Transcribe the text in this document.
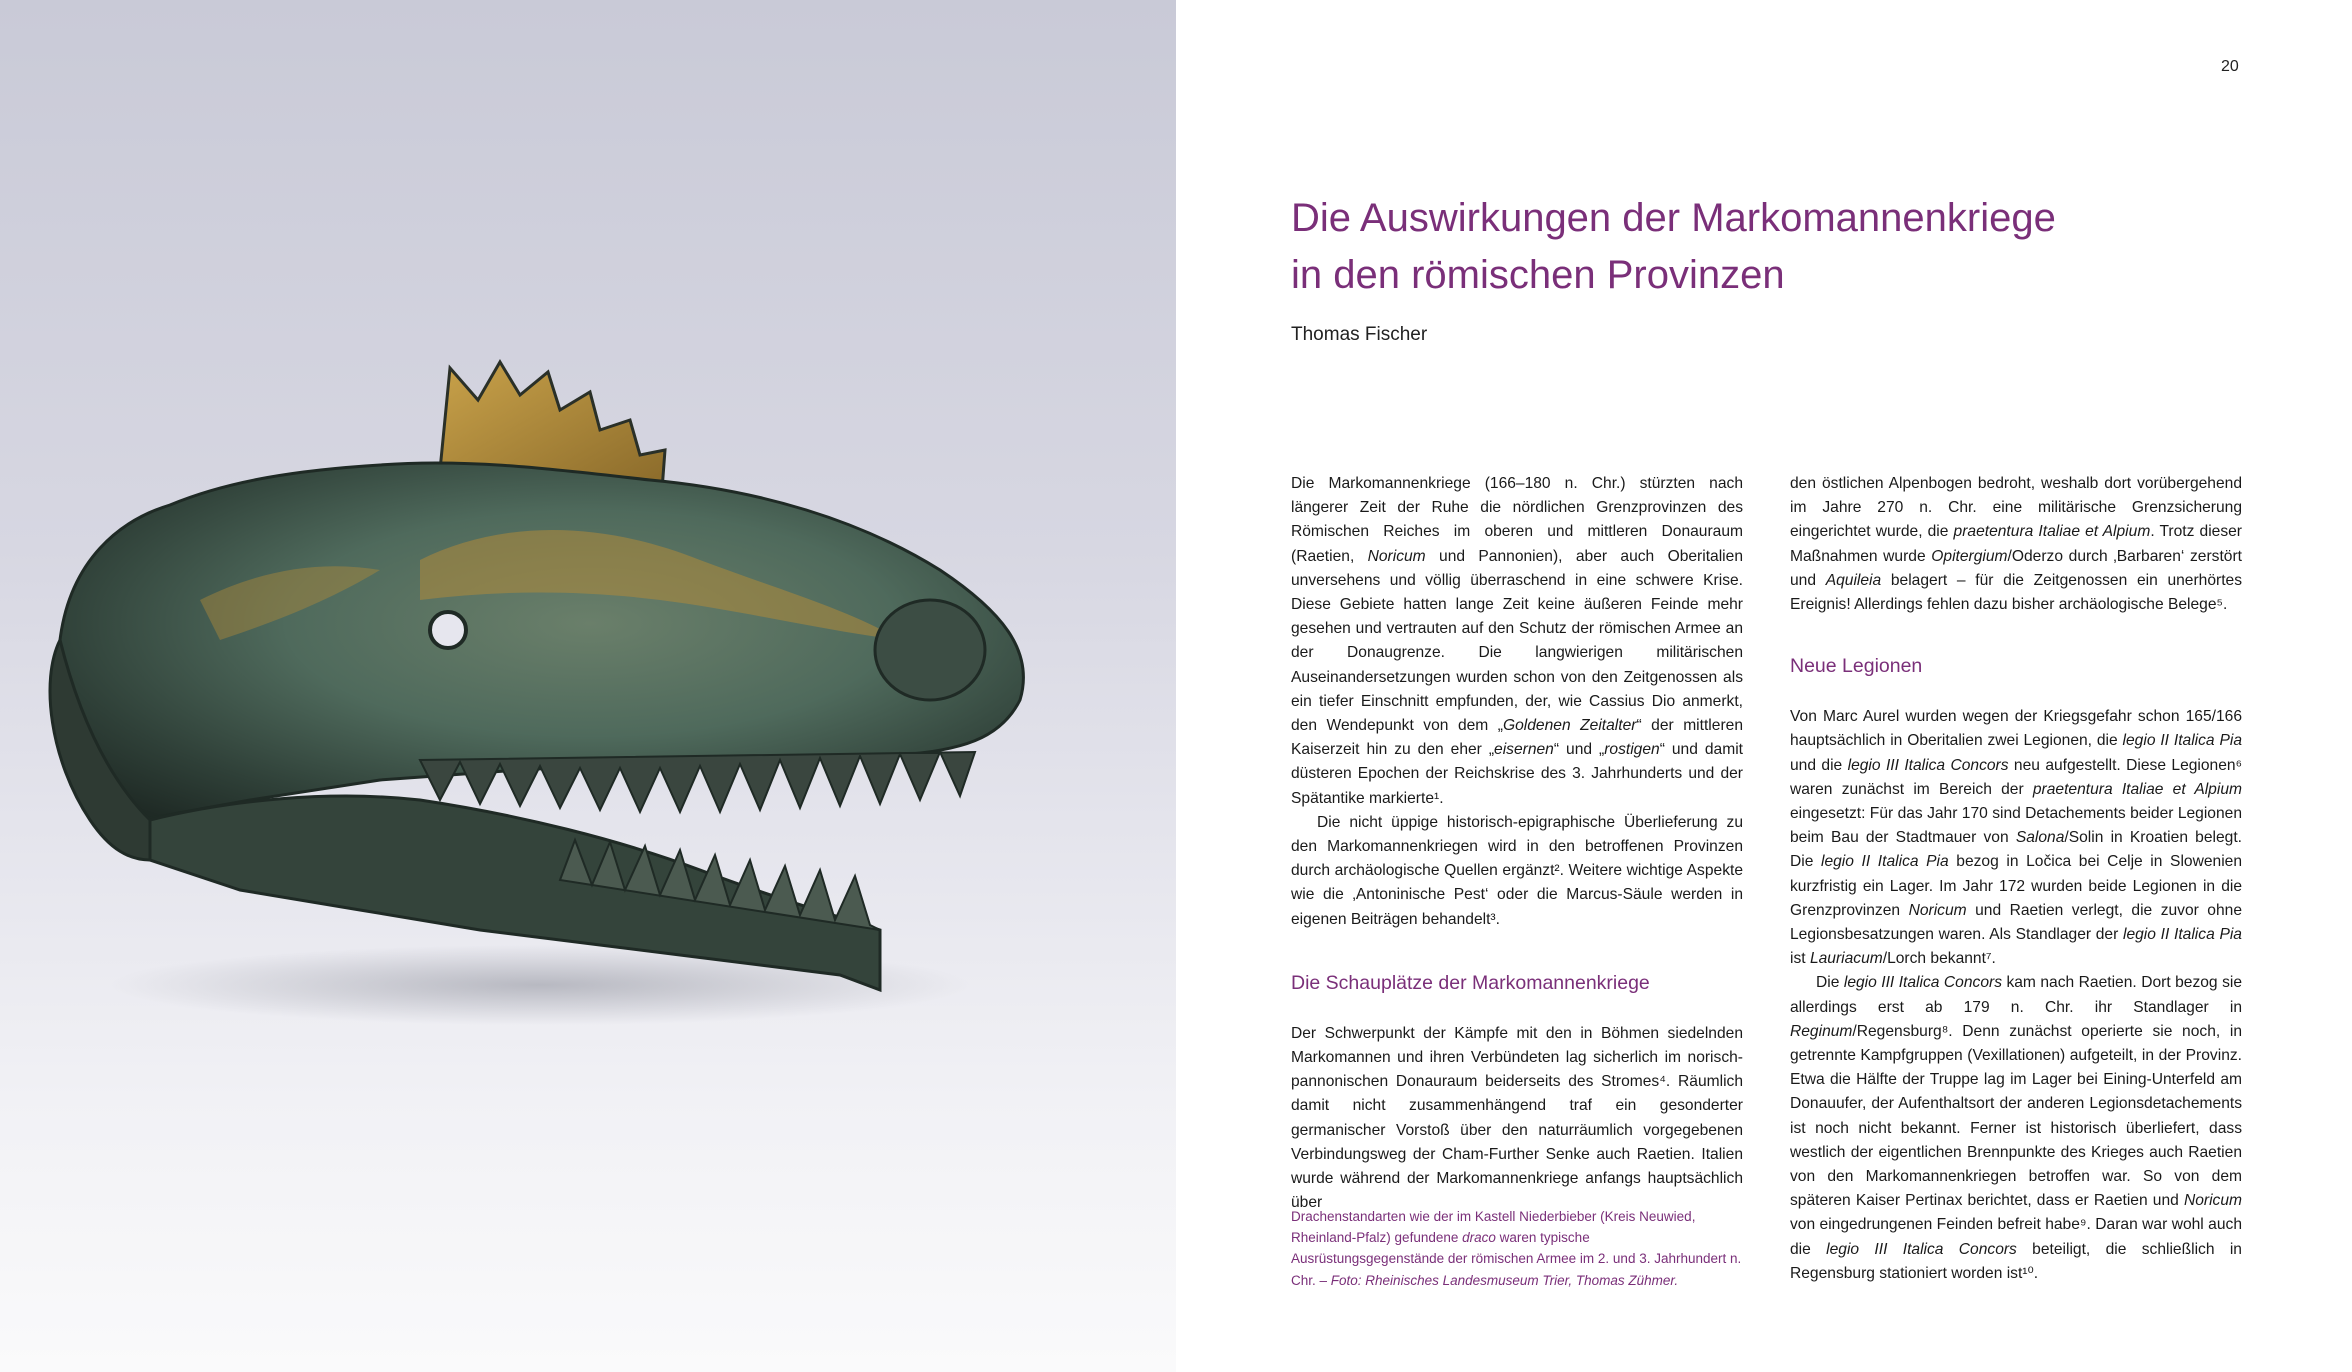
20
Die Auswirkungen der Markomannenkriege
in den römischen Provinzen
Thomas Fischer

Die Markomannenkriege (166–180 n. Chr.) stürzten nach längerer Zeit der Ruhe die nördlichen Grenzprovinzen des Römischen Reiches im oberen und mittleren Donauraum (Raetien, Noricum und Pannonien), aber auch Oberitalien unversehens und völlig überraschend in eine schwere Krise. Diese Gebiete hatten lange Zeit keine äußeren Feinde mehr gesehen und vertrauten auf den Schutz der römischen Armee an der Donaugrenze. Die langwierigen militärischen Auseinandersetzungen wurden schon von den Zeitgenossen als ein tiefer Einschnitt empfunden, der, wie Cassius Dio anmerkt, den Wendepunkt von dem „Goldenen Zeitalter“ der mittleren Kaiserzeit hin zu den eher „eisernen“ und „rostigen“ und damit düsteren Epochen der Reichskrise des 3. Jahrhunderts und der Spätantike markierte¹.

Die nicht üppige historisch-epigraphische Überlieferung zu den Markomannenkriegen wird in den betroffenen Provinzen durch archäologische Quellen ergänzt². Weitere wichtige Aspekte wie die ‚Antoninische Pest‘ oder die Marcus-Säule werden in eigenen Beiträgen behandelt³.

Die Schauplätze der Markomannenkriege

Der Schwerpunkt der Kämpfe mit den in Böhmen siedelnden Markomannen und ihren Verbündeten lag sicherlich im norisch-pannonischen Donauraum beiderseits des Stromes⁴. Räumlich damit nicht zusammenhängend traf ein gesonderter germanischer Vorstoß über den naturräumlich vorgegebenen Verbindungsweg der Cham-Further Senke auch Raetien. Italien wurde während der Markomannenkriege anfangs hauptsächlich über

Drachenstandarten wie der im Kastell Niederbieber (Kreis Neuwied, Rheinland-Pfalz) gefundene draco waren typische Ausrüstungsgegenstände der römischen Armee im 2. und 3. Jahrhundert n. Chr. – Foto: Rheinisches Landesmuseum Trier, Thomas Zühmer.

den östlichen Alpenbogen bedroht, weshalb dort vorübergehend im Jahre 270 n. Chr. eine militärische Grenzsicherung eingerichtet wurde, die praetentura Italiae et Alpium. Trotz dieser Maßnahmen wurde Opitergium/Oderzo durch ‚Barbaren‘ zerstört und Aquileia belagert – für die Zeitgenossen ein unerhörtes Ereignis! Allerdings fehlen dazu bisher archäologische Belege⁵.

Neue Legionen

Von Marc Aurel wurden wegen der Kriegsgefahr schon 165/166 hauptsächlich in Oberitalien zwei Legionen, die legio II Italica Pia und die legio III Italica Concors neu aufgestellt. Diese Legionen⁶ waren zunächst im Bereich der praetentura Italiae et Alpium eingesetzt: Für das Jahr 170 sind Detachements beider Legionen beim Bau der Stadtmauer von Salona/Solin in Kroatien belegt. Die legio II Italica Pia bezog in Ločica bei Celje in Slowenien kurzfristig ein Lager. Im Jahr 172 wurden beide Legionen in die Grenzprovinzen Noricum und Raetien verlegt, die zuvor ohne Legionsbesatzungen waren. Als Standlager der legio II Italica Pia ist Lauriacum/Lorch bekannt⁷.

Die legio III Italica Concors kam nach Raetien. Dort bezog sie allerdings erst ab 179 n. Chr. ihr Standlager in Reginum/Regensburg⁸. Denn zunächst operierte sie noch, in getrennte Kampfgruppen (Vexillationen) aufgeteilt, in der Provinz. Etwa die Hälfte der Truppe lag im Lager bei Eining-Unterfeld am Donauufer, der Aufenthaltsort der anderen Legionsdetachements ist noch nicht bekannt. Ferner ist historisch überliefert, dass westlich der eigentlichen Brennpunkte des Krieges auch Raetien von den Markomannenkriegen betroffen war. So von dem späteren Kaiser Pertinax berichtet, dass er Raetien und Noricum von eingedrungenen Feinden befreit habe⁹. Daran war wohl auch die legio III Italica Concors beteiligt, die schließlich in Regensburg stationiert worden ist¹⁰.
